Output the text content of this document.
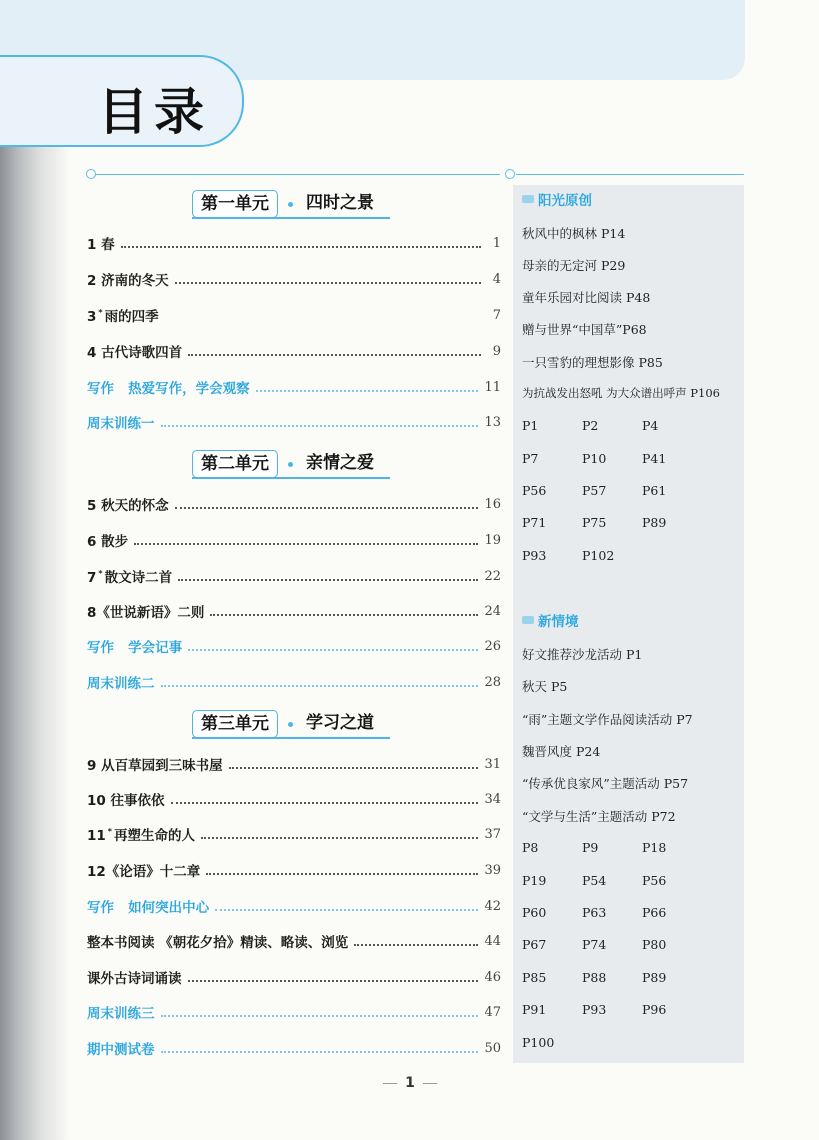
目录
第一单元	四时之景
1 春	1
2 济南的冬天	4
3 * 雨的四季	7
4 古代诗歌四首	9
写作 热爱写作，学会观察	11
周末训练一	13
第二单元	亲情之爱
5 秋天的怀念	16
6 散步	19
7 * 散文诗二首	22
8《世说新语》二则	24
写作 学会记事	26
周末训练二	28
第三单元	学习之道
9 从百草园到三味书屋	31
10 往事依依	34
11 * 再塑生命的人	37
12《论语》十二章	39
写作 如何突出中心	42
整本书阅读 《朝花夕拾》精读、略读、浏览	44
课外古诗词诵读	46
周末训练三	47
期中测试卷	50
阳光原创
秋风中的枫林 P14
母亲的无定河 P29
童年乐园对比阅读 P48
赠与世界“中国草”P68
一只雪豹的理想影像 P85
为抗战发出怒吼 为大众谱出呼声 P106
P1	P2	P4
P7	P10	P41
P56	P57	P61
P71	P75	P89
P93	P102
新情境
好文推荐沙龙活动 P1
秋天 P5
“雨”主题文学作品阅读活动 P7
魏晋风度 P24
“传承优良家风”主题活动 P57
“文学与生活”主题活动 P72
P8	P9	P18
P19	P54	P56
P60	P63	P66
P67	P74	P80
P85	P88	P89
P91	P93	P96
P100
1
